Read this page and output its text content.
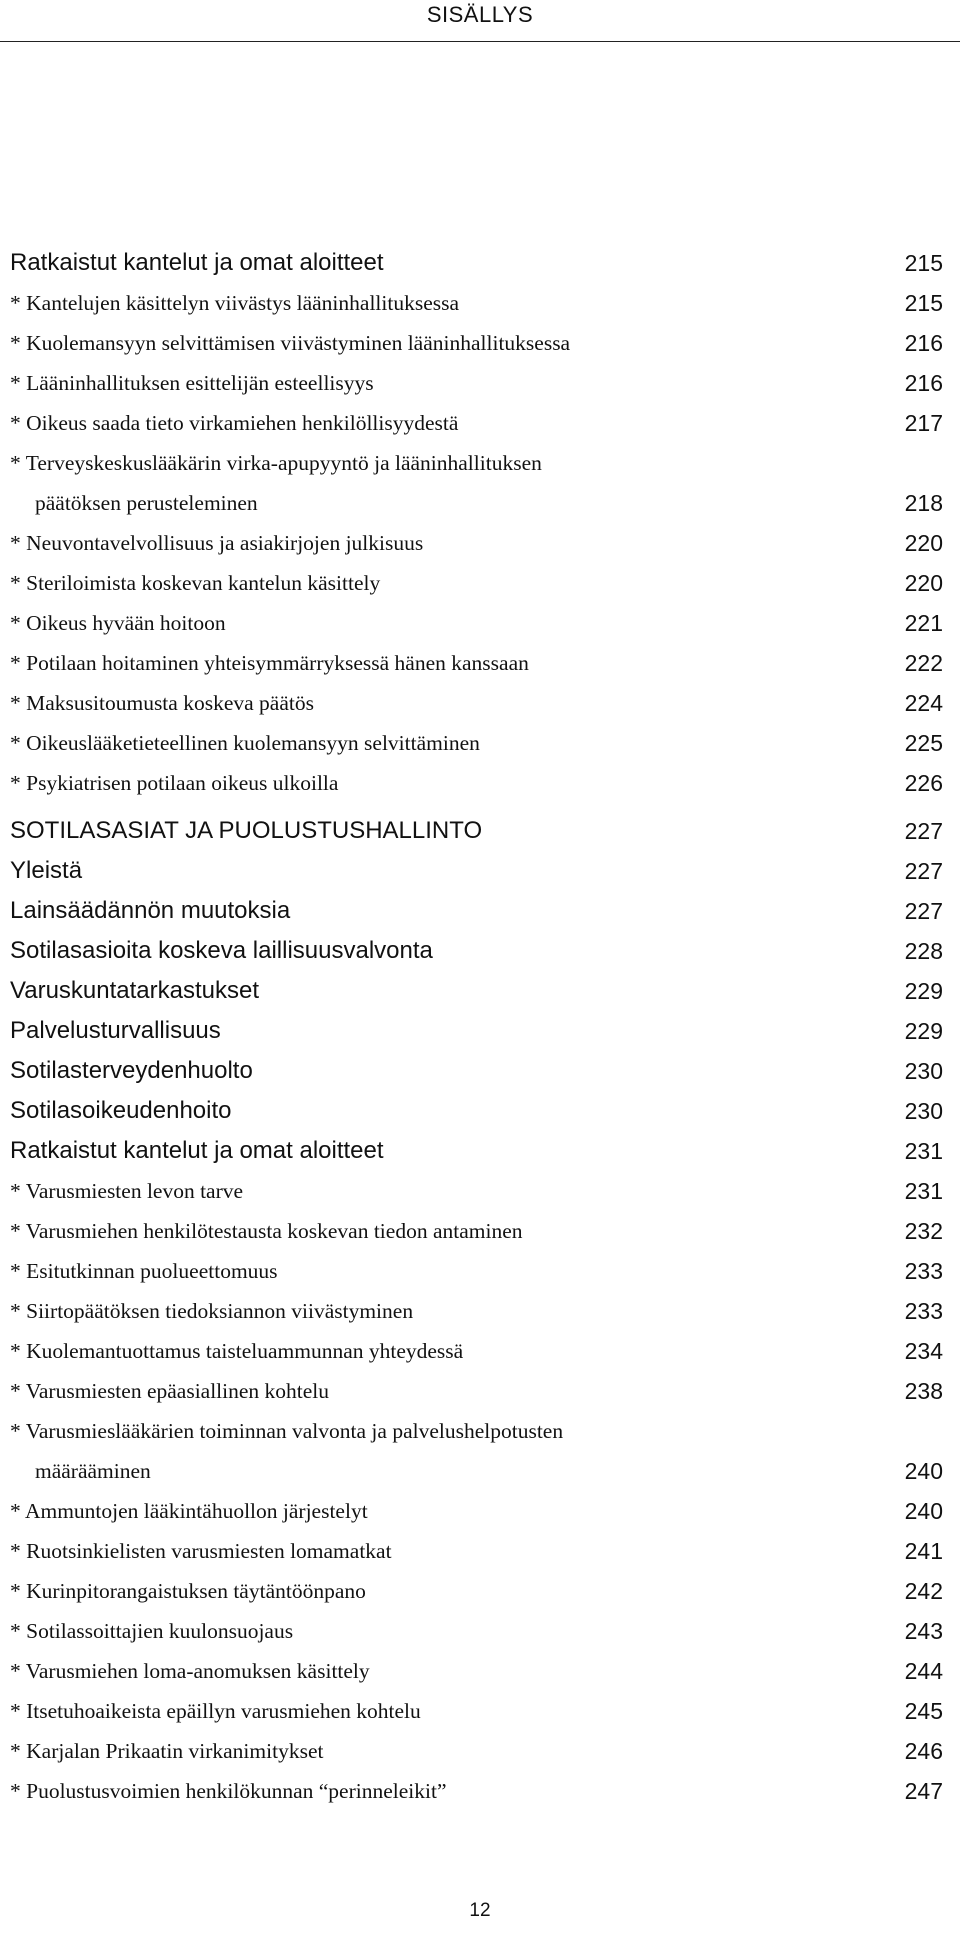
SISÄLLYS
Ratkaistut kantelut ja omat aloitteet	215
* Kantelujen käsittelyn viivästys lääninhallituksessa	215
* Kuolemansyyn selvittämisen viivästyminen lääninhallituksessa	216
* Lääninhallituksen esittelijän esteellisyys	216
* Oikeus saada tieto virkamiehen henkilöllisyydestä	217
* Terveyskeskuslääkärin virka-apupyyntö ja lääninhallituksen
päätöksen perusteleminen	218
* Neuvontavelvollisuus ja asiakirjojen julkisuus	220
* Steriloimista koskevan kantelun käsittely	220
* Oikeus hyvään hoitoon	221
* Potilaan hoitaminen yhteisymmärryksessä hänen kanssaan	222
* Maksusitoumusta koskeva päätös	224
* Oikeuslääketieteellinen kuolemansyyn selvittäminen	225
* Psykiatrisen potilaan oikeus ulkoilla	226
SOTILASASIAT JA PUOLUSTUSHALLINTO	227
Yleistä	227
Lainsäädännön muutoksia	227
Sotilasasioita koskeva laillisuusvalvonta	228
Varuskuntatarkastukset	229
Palvelusturvallisuus	229
Sotilasterveydenhuolto	230
Sotilasoikeudenhoito	230
Ratkaistut kantelut ja omat aloitteet	231
* Varusmiesten levon tarve	231
* Varusmiehen henkilötestausta koskevan tiedon antaminen	232
* Esitutkinnan puolueettomuus	233
* Siirtopäätöksen tiedoksiannon viivästyminen	233
* Kuolemantuottamus taisteluammunnan yhteydessä	234
* Varusmiesten epäasiallinen kohtelu	238
* Varusmieslääkärien toiminnan valvonta ja palvelushelpotusten
määrääminen	240
* Ammuntojen lääkintähuollon järjestelyt	240
* Ruotsinkielisten varusmiesten lomamatkat	241
* Kurinpitorangaistuksen täytäntöönpano	242
* Sotilassoittajien kuulonsuojaus	243
* Varusmiehen loma-anomuksen käsittely	244
* Itsetuhoaikeista epäillyn varusmiehen kohtelu	245
* Karjalan Prikaatin virkanimitykset	246
* Puolustusvoimien henkilökunnan “perinneleikit”	247
12
